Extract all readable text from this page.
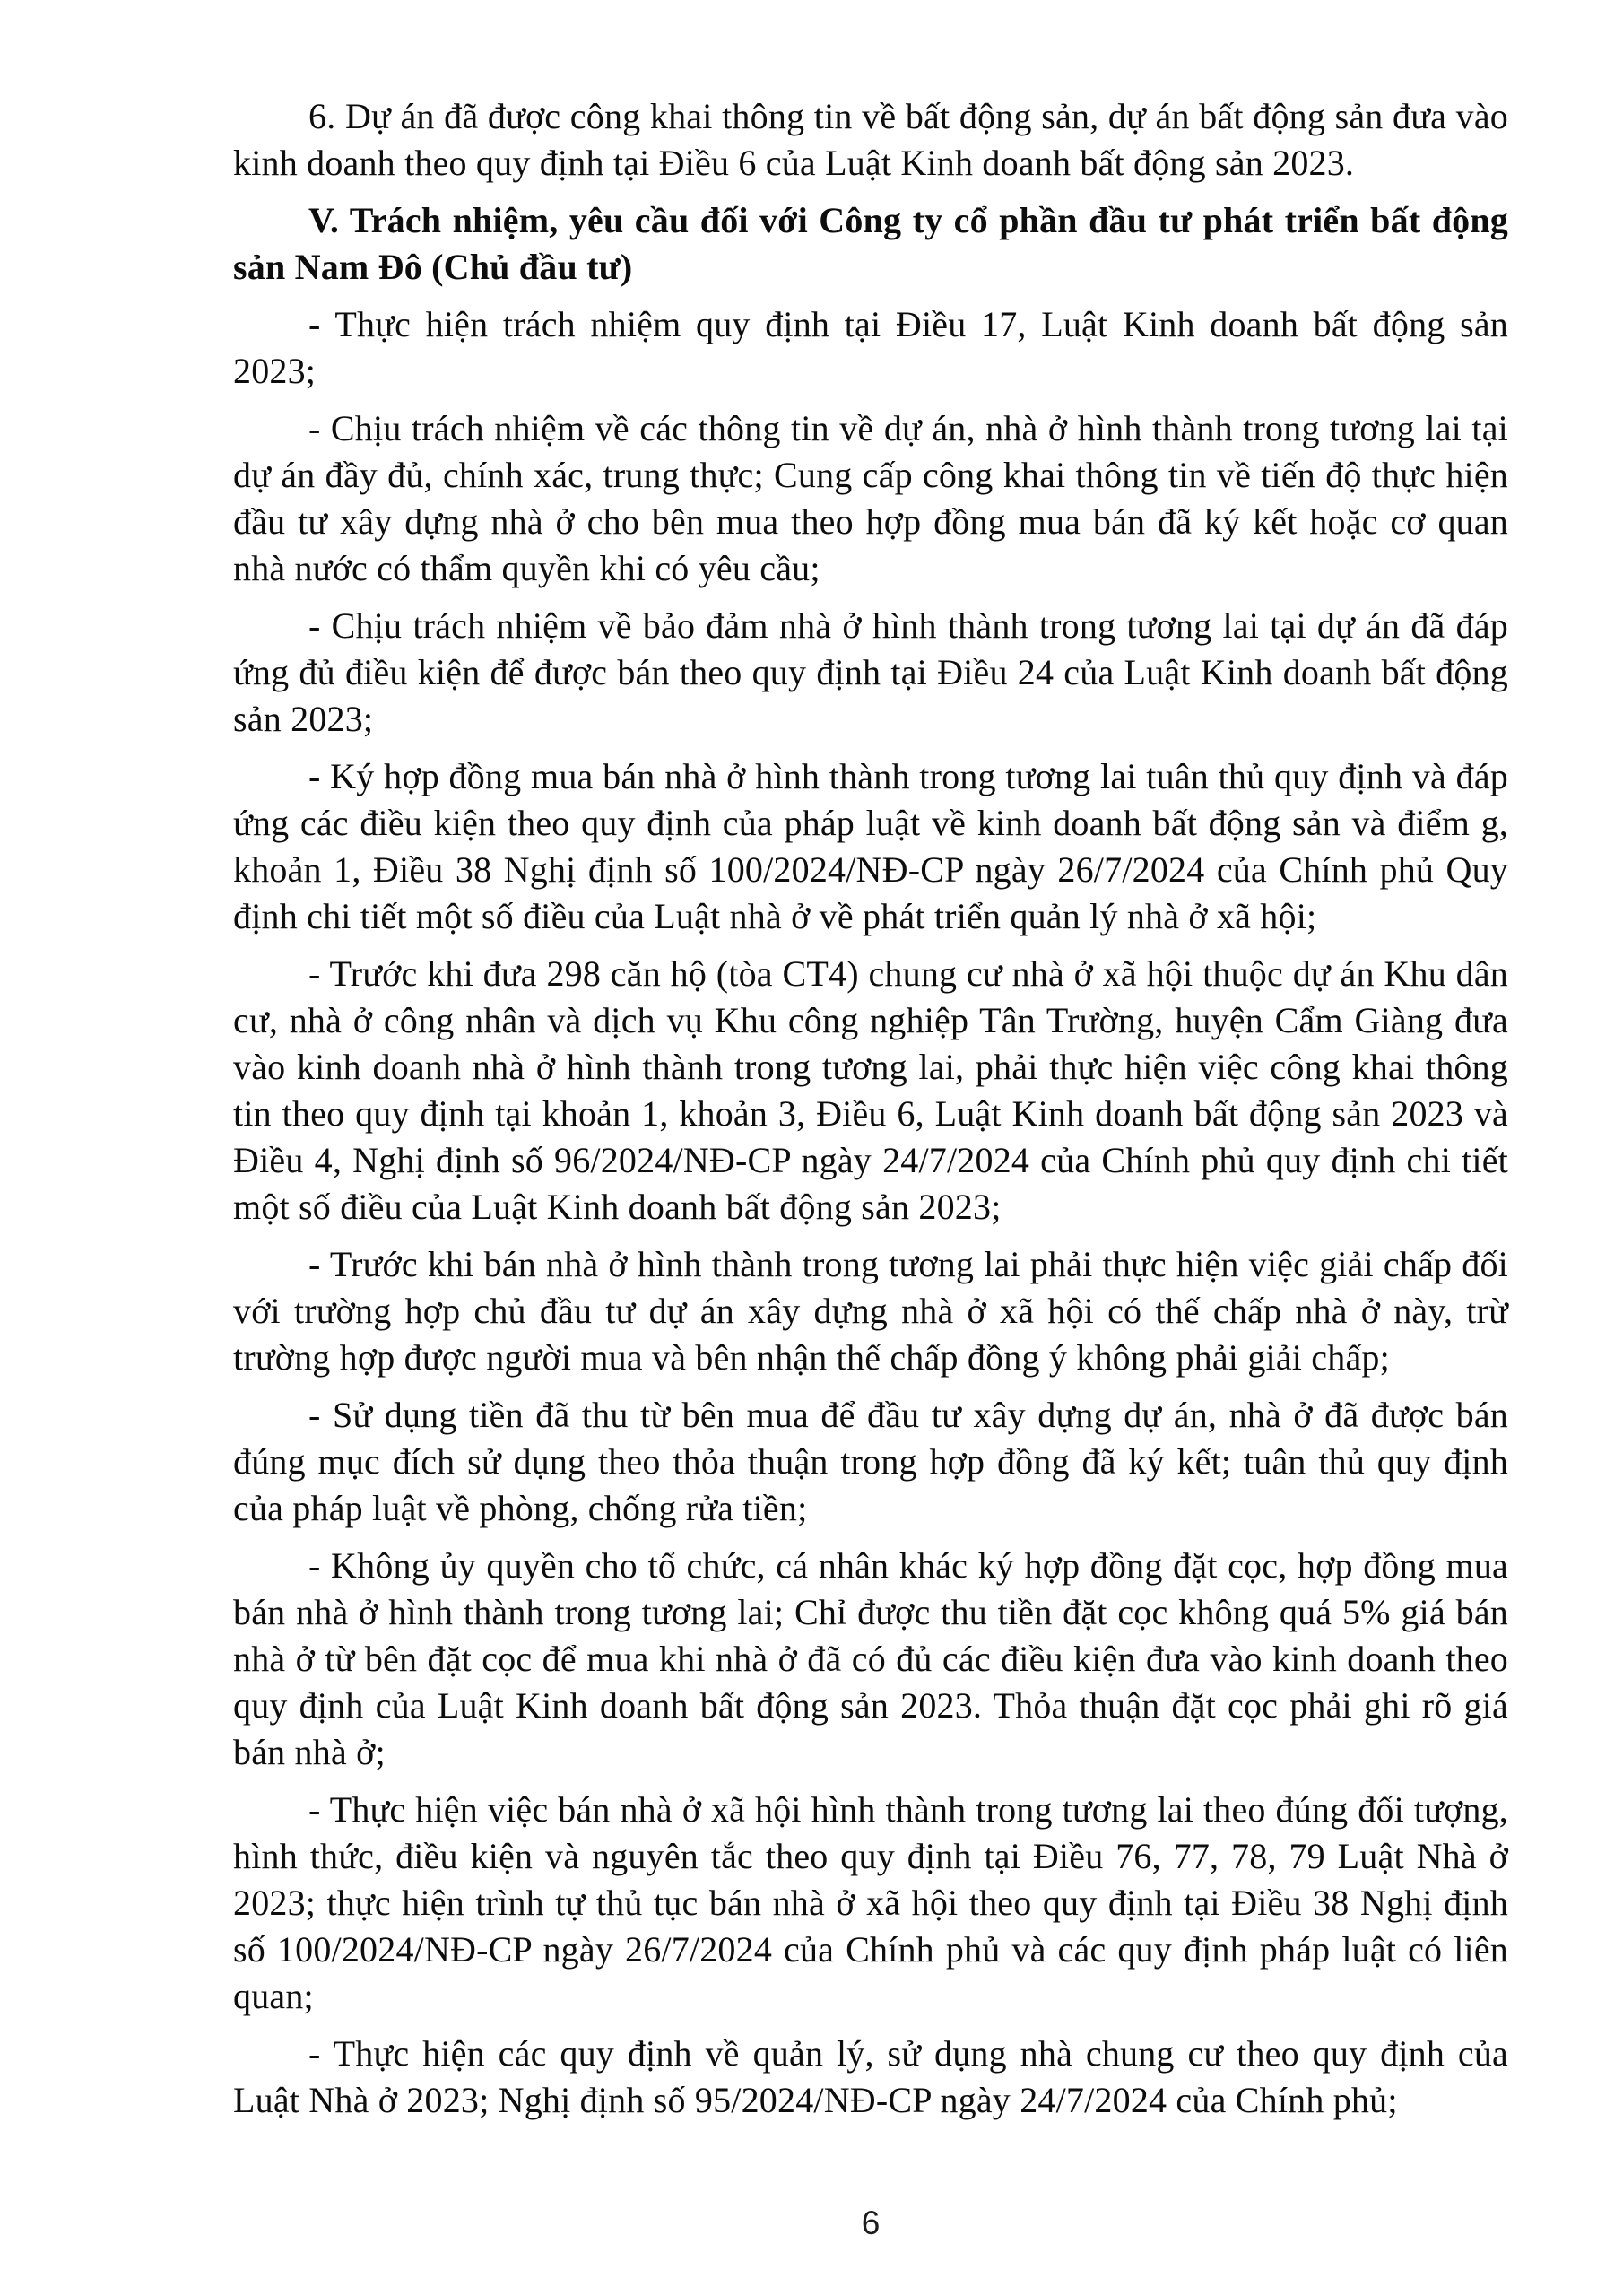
6. Dự án đã được công khai thông tin về bất động sản, dự án bất động sản đưa vào kinh doanh theo quy định tại Điều 6 của Luật Kinh doanh bất động sản 2023.

V. Trách nhiệm, yêu cầu đối với Công ty cổ phần đầu tư phát triển bất động sản Nam Đô (Chủ đầu tư)

- Thực hiện trách nhiệm quy định tại Điều 17, Luật Kinh doanh bất động sản 2023;

- Chịu trách nhiệm về các thông tin về dự án, nhà ở hình thành trong tương lai tại dự án đầy đủ, chính xác, trung thực; Cung cấp công khai thông tin về tiến độ thực hiện đầu tư xây dựng nhà ở cho bên mua theo hợp đồng mua bán đã ký kết hoặc cơ quan nhà nước có thẩm quyền khi có yêu cầu;

- Chịu trách nhiệm về bảo đảm nhà ở hình thành trong tương lai tại dự án đã đáp ứng đủ điều kiện để được bán theo quy định tại Điều 24 của Luật Kinh doanh bất động sản 2023;

- Ký hợp đồng mua bán nhà ở hình thành trong tương lai tuân thủ quy định và đáp ứng các điều kiện theo quy định của pháp luật về kinh doanh bất động sản và điểm g, khoản 1, Điều 38 Nghị định số 100/2024/NĐ-CP ngày 26/7/2024 của Chính phủ Quy định chi tiết một số điều của Luật nhà ở về phát triển quản lý nhà ở xã hội;

- Trước khi đưa 298 căn hộ (tòa CT4) chung cư nhà ở xã hội thuộc dự án Khu dân cư, nhà ở công nhân và dịch vụ Khu công nghiệp Tân Trường, huyện Cẩm Giàng đưa vào kinh doanh nhà ở hình thành trong tương lai, phải thực hiện việc công khai thông tin theo quy định tại khoản 1, khoản 3, Điều 6, Luật Kinh doanh bất động sản 2023 và Điều 4, Nghị định số 96/2024/NĐ-CP ngày 24/7/2024 của Chính phủ quy định chi tiết một số điều của Luật Kinh doanh bất động sản 2023;

- Trước khi bán nhà ở hình thành trong tương lai phải thực hiện việc giải chấp đối với trường hợp chủ đầu tư dự án xây dựng nhà ở xã hội có thế chấp nhà ở này, trừ trường hợp được người mua và bên nhận thế chấp đồng ý không phải giải chấp;

- Sử dụng tiền đã thu từ bên mua để đầu tư xây dựng dự án, nhà ở đã được bán đúng mục đích sử dụng theo thỏa thuận trong hợp đồng đã ký kết; tuân thủ quy định của pháp luật về phòng, chống rửa tiền;

- Không ủy quyền cho tổ chức, cá nhân khác ký hợp đồng đặt cọc, hợp đồng mua bán nhà ở hình thành trong tương lai; Chỉ được thu tiền đặt cọc không quá 5% giá bán nhà ở từ bên đặt cọc để mua khi nhà ở đã có đủ các điều kiện đưa vào kinh doanh theo quy định của Luật Kinh doanh bất động sản 2023. Thỏa thuận đặt cọc phải ghi rõ giá bán nhà ở;

- Thực hiện việc bán nhà ở xã hội hình thành trong tương lai theo đúng đối tượng, hình thức, điều kiện và nguyên tắc theo quy định tại Điều 76, 77, 78, 79 Luật Nhà ở 2023; thực hiện trình tự thủ tục bán nhà ở xã hội theo quy định tại Điều 38 Nghị định số 100/2024/NĐ-CP ngày 26/7/2024 của Chính phủ và các quy định pháp luật có liên quan;

- Thực hiện các quy định về quản lý, sử dụng nhà chung cư theo quy định của Luật Nhà ở 2023; Nghị định số 95/2024/NĐ-CP ngày 24/7/2024 của Chính phủ;

6
